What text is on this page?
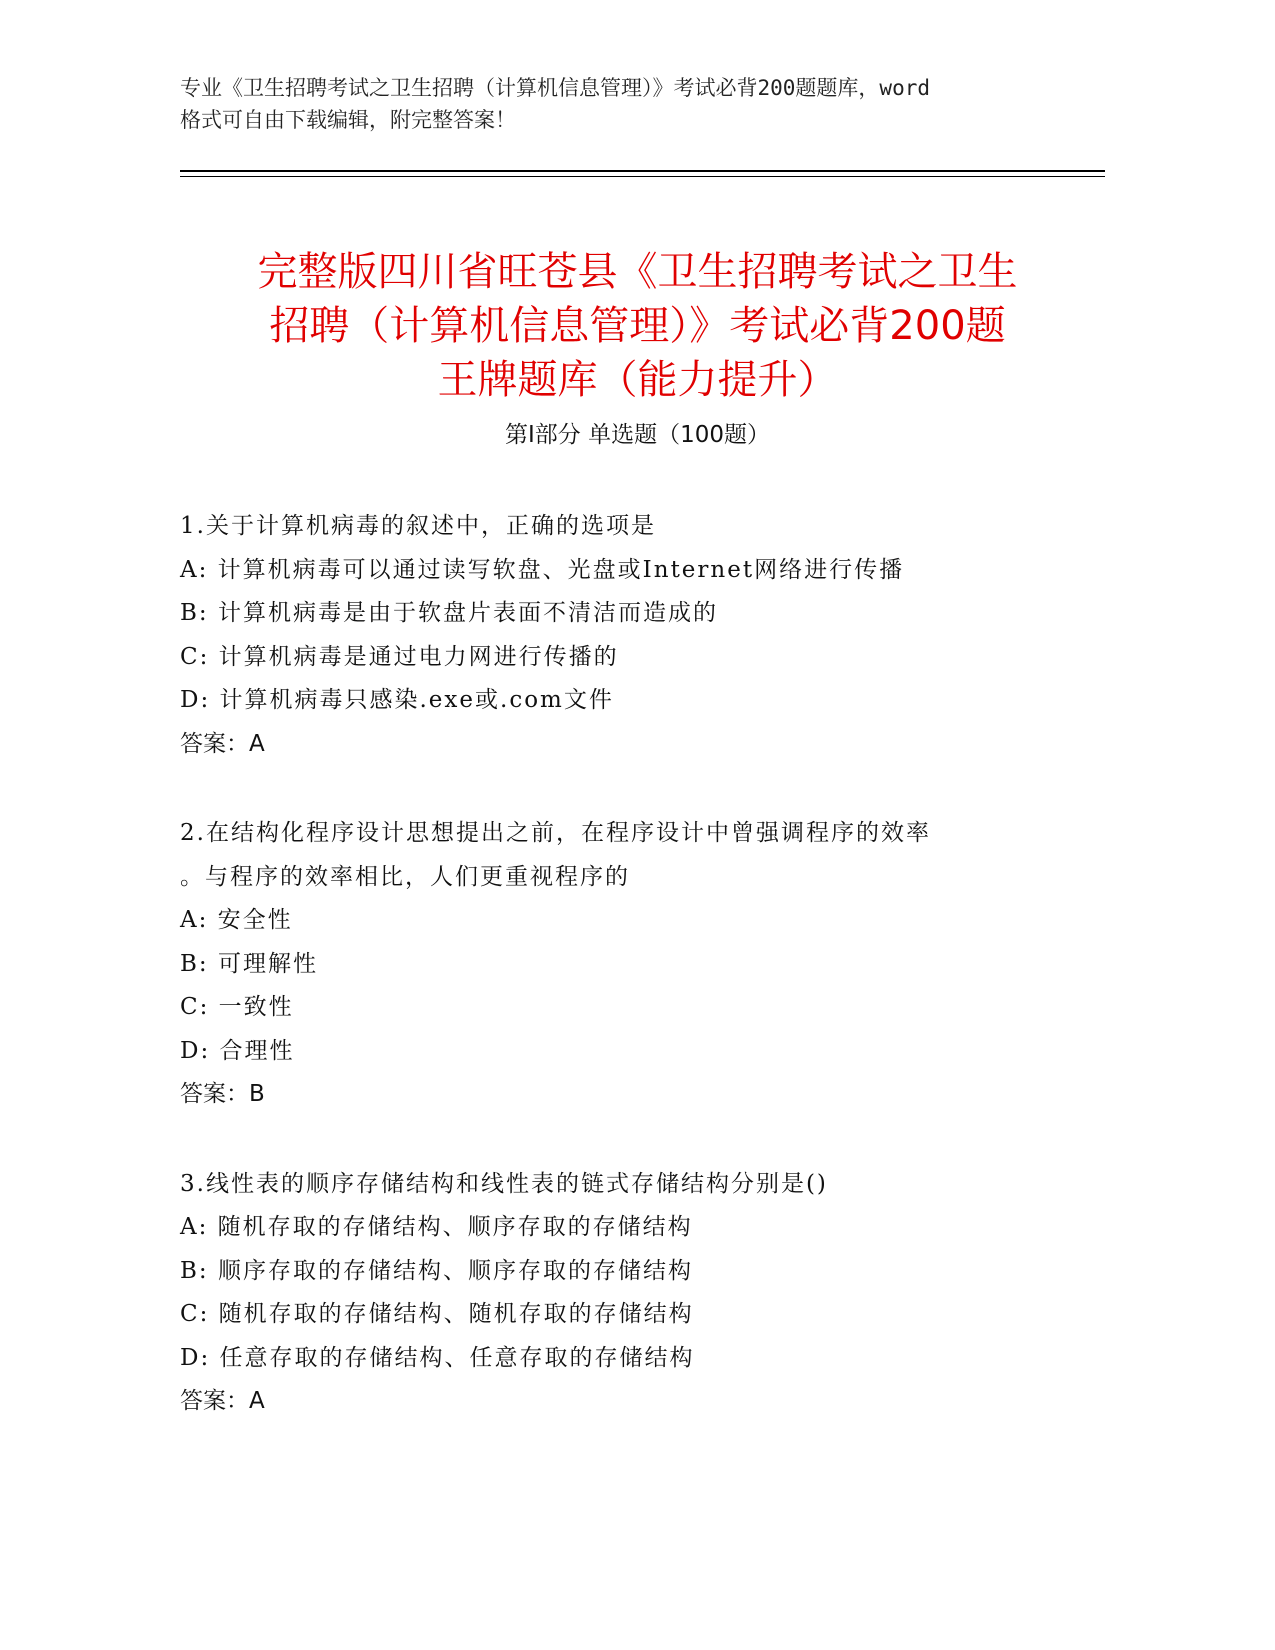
专业《卫生招聘考试之卫生招聘（计算机信息管理）》考试必背200题题库，word
格式可自由下载编辑，附完整答案！
完整版四川省旺苍县《卫生招聘考试之卫生
招聘（计算机信息管理）》考试必背200题
王牌题库（能力提升）
第Ⅰ部分 单选题（100题）
1.关于计算机病毒的叙述中，正确的选项是
A: 计算机病毒可以通过读写软盘、光盘或Internet网络进行传播
B: 计算机病毒是由于软盘片表面不清洁而造成的
C: 计算机病毒是通过电力网进行传播的
D: 计算机病毒只感染.exe或.com文件
答案：A
2.在结构化程序设计思想提出之前，在程序设计中曾强调程序的效率
。与程序的效率相比，人们更重视程序的
A: 安全性
B: 可理解性
C: 一致性
D: 合理性
答案：B
3.线性表的顺序存储结构和线性表的链式存储结构分别是()
A: 随机存取的存储结构、顺序存取的存储结构
B: 顺序存取的存储结构、顺序存取的存储结构
C: 随机存取的存储结构、随机存取的存储结构
D: 任意存取的存储结构、任意存取的存储结构
答案：A
